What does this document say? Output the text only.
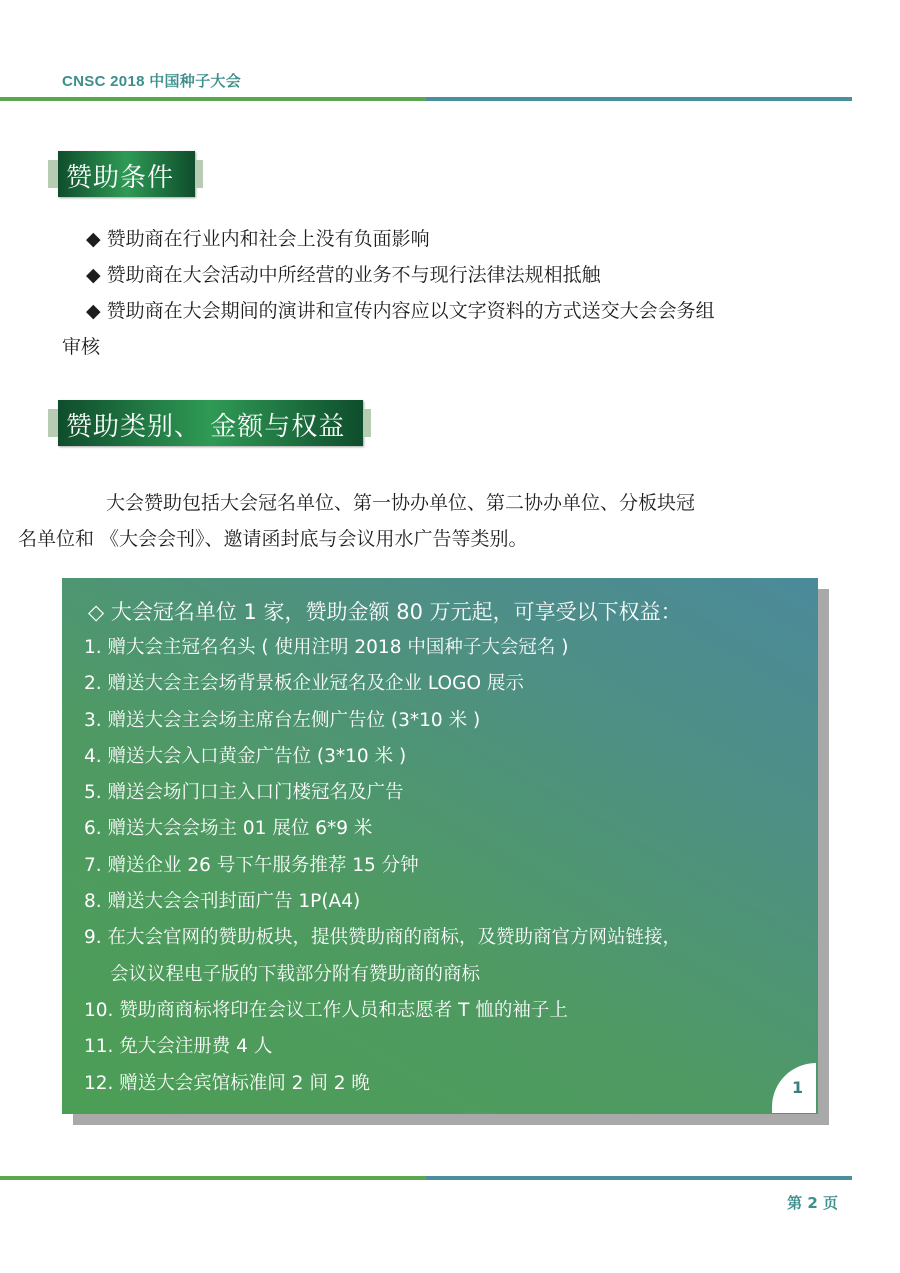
CNSC 2018 中国种子大会
赞助条件
◆ 赞助商在行业内和社会上没有负面影响
◆ 赞助商在大会活动中所经营的业务不与现行法律法规相抵触
◆ 赞助商在大会期间的演讲和宣传内容应以文字资料的方式送交大会会务组
审核
赞助类别、 金额与权益

大会赞助包括大会冠名单位、第一协办单位、第二协办单位、分板块冠
名单位和 《大会会刊》、邀请函封底与会议用水广告等类别。

◇ 大会冠名单位 1 家，赞助金额 80 万元起，可享受以下权益：
1. 赠大会主冠名名头 ( 使用注明 2018 中国种子大会冠名 )
2. 赠送大会主会场背景板企业冠名及企业 LOGO 展示
3. 赠送大会主会场主席台左侧广告位 (3*10 米 )
4. 赠送大会入口黄金广告位 (3*10 米 )
5. 赠送会场门口主入口门楼冠名及广告
6. 赠送大会会场主 01 展位 6*9 米
7. 赠送企业 26 号下午服务推荐 15 分钟
8. 赠送大会会刊封面广告 1P(A4)
9. 在大会官网的赞助板块，提供赞助商的商标，及赞助商官方网站链接，
会议议程电子版的下载部分附有赞助商的商标
10. 赞助商商标将印在会议工作人员和志愿者 T 恤的袖子上
11. 免大会注册费 4 人
12. 赠送大会宾馆标准间 2 间 2 晚	1
第 2 页
